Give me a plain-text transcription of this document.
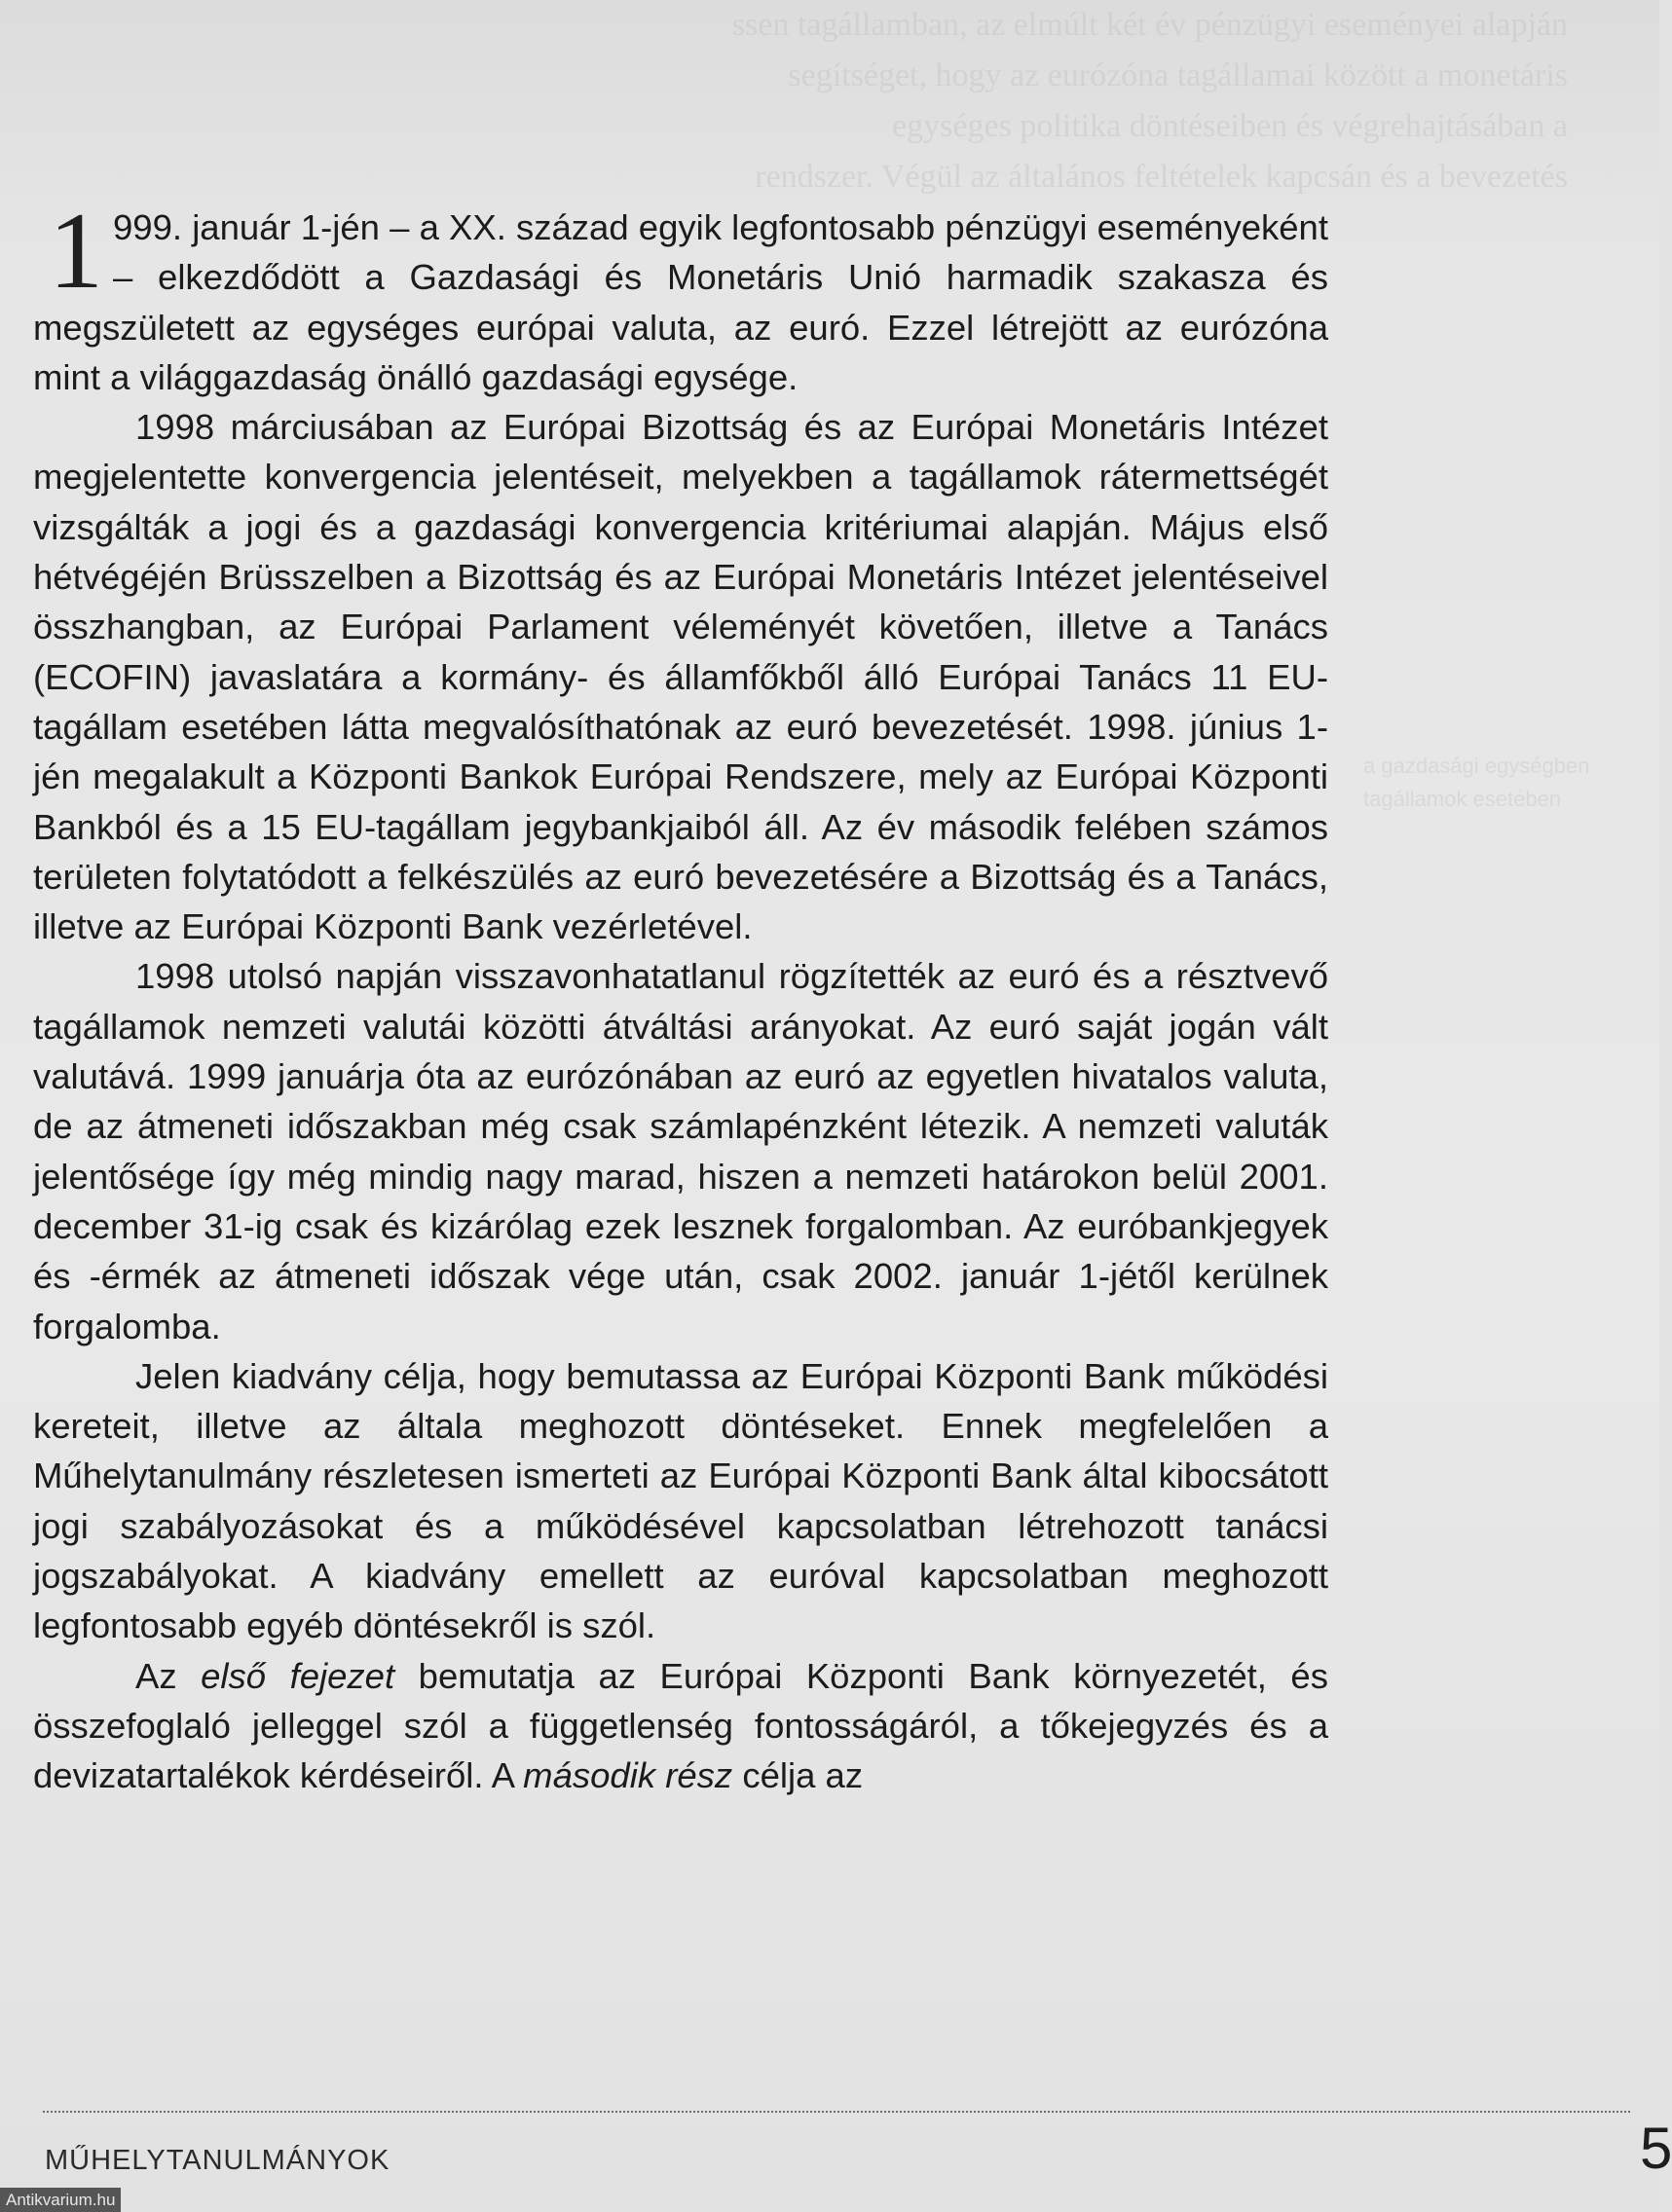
ssen tagállamban, az elmúlt két év pénzügyi eseményei alapján
segítséget, hogy az eurózóna tagállamai között a monetáris
egységes politika döntéseiben és végrehajtásában a
rendszer. Végül az általános feltételek kapcsán és a bevezetés
a gazdasági egységben
tagállamok esetében

1 999. január 1-jén – a XX. század egyik legfontosabb pénzügyi eseményeként – elkezdődött a Gazdasági és Monetáris Unió harmadik szakasza és megszületett az egységes európai valuta, az euró. Ezzel létrejött az eurózóna mint a világgazdaság önálló gazdasági egysége.

1998 márciusában az Európai Bizottság és az Európai Monetáris Intézet megjelentette konvergencia jelentéseit, melyekben a tagállamok rátermettségét vizsgálták a jogi és a gazdasági konvergencia kritériumai alapján. Május első hétvégéjén Brüsszelben a Bizottság és az Európai Monetáris Intézet jelentéseivel összhangban, az Európai Parlament véleményét követően, illetve a Tanács (ECOFIN) javaslatára a kormány- és államfőkből álló Európai Tanács 11 EU-tagállam esetében látta megvalósíthatónak az euró bevezetését. 1998. június 1-jén megalakult a Központi Bankok Európai Rendszere, mely az Európai Központi Bankból és a 15 EU-tagállam jegybankjaiból áll. Az év második felében számos területen folytatódott a felkészülés az euró bevezetésére a Bizottság és a Tanács, illetve az Európai Központi Bank vezérletével.

1998 utolsó napján visszavonhatatlanul rögzítették az euró és a résztvevő tagállamok nemzeti valutái közötti átváltási arányokat. Az euró saját jogán vált valutává. 1999 januárja óta az eurózónában az euró az egyetlen hivatalos valuta, de az átmeneti időszakban még csak számlapénzként létezik. A nemzeti valuták jelentősége így még mindig nagy marad, hiszen a nemzeti határokon belül 2001. december 31-ig csak és kizárólag ezek lesznek forgalomban. Az euróbankjegyek és -érmék az átmeneti időszak vége után, csak 2002. január 1-jétől kerülnek forgalomba.

Jelen kiadvány célja, hogy bemutassa az Európai Központi Bank működési kereteit, illetve az általa meghozott döntéseket. Ennek megfelelően a Műhelytanulmány részletesen ismerteti az Európai Központi Bank által kibocsátott jogi szabályozásokat és a működésével kapcsolatban létrehozott tanácsi jogszabályokat. A kiadvány emellett az euróval kapcsolatban meghozott legfontosabb egyéb döntésekről is szól.

Az első fejezet bemutatja az Európai Központi Bank környezetét, és összefoglaló jelleggel szól a függetlenség fontosságáról, a tőkejegyzés és a devizatartalékok kérdéseiről. A második rész célja az

MŰHELYTANULMÁNYOK	5
Antikvarium.hu
